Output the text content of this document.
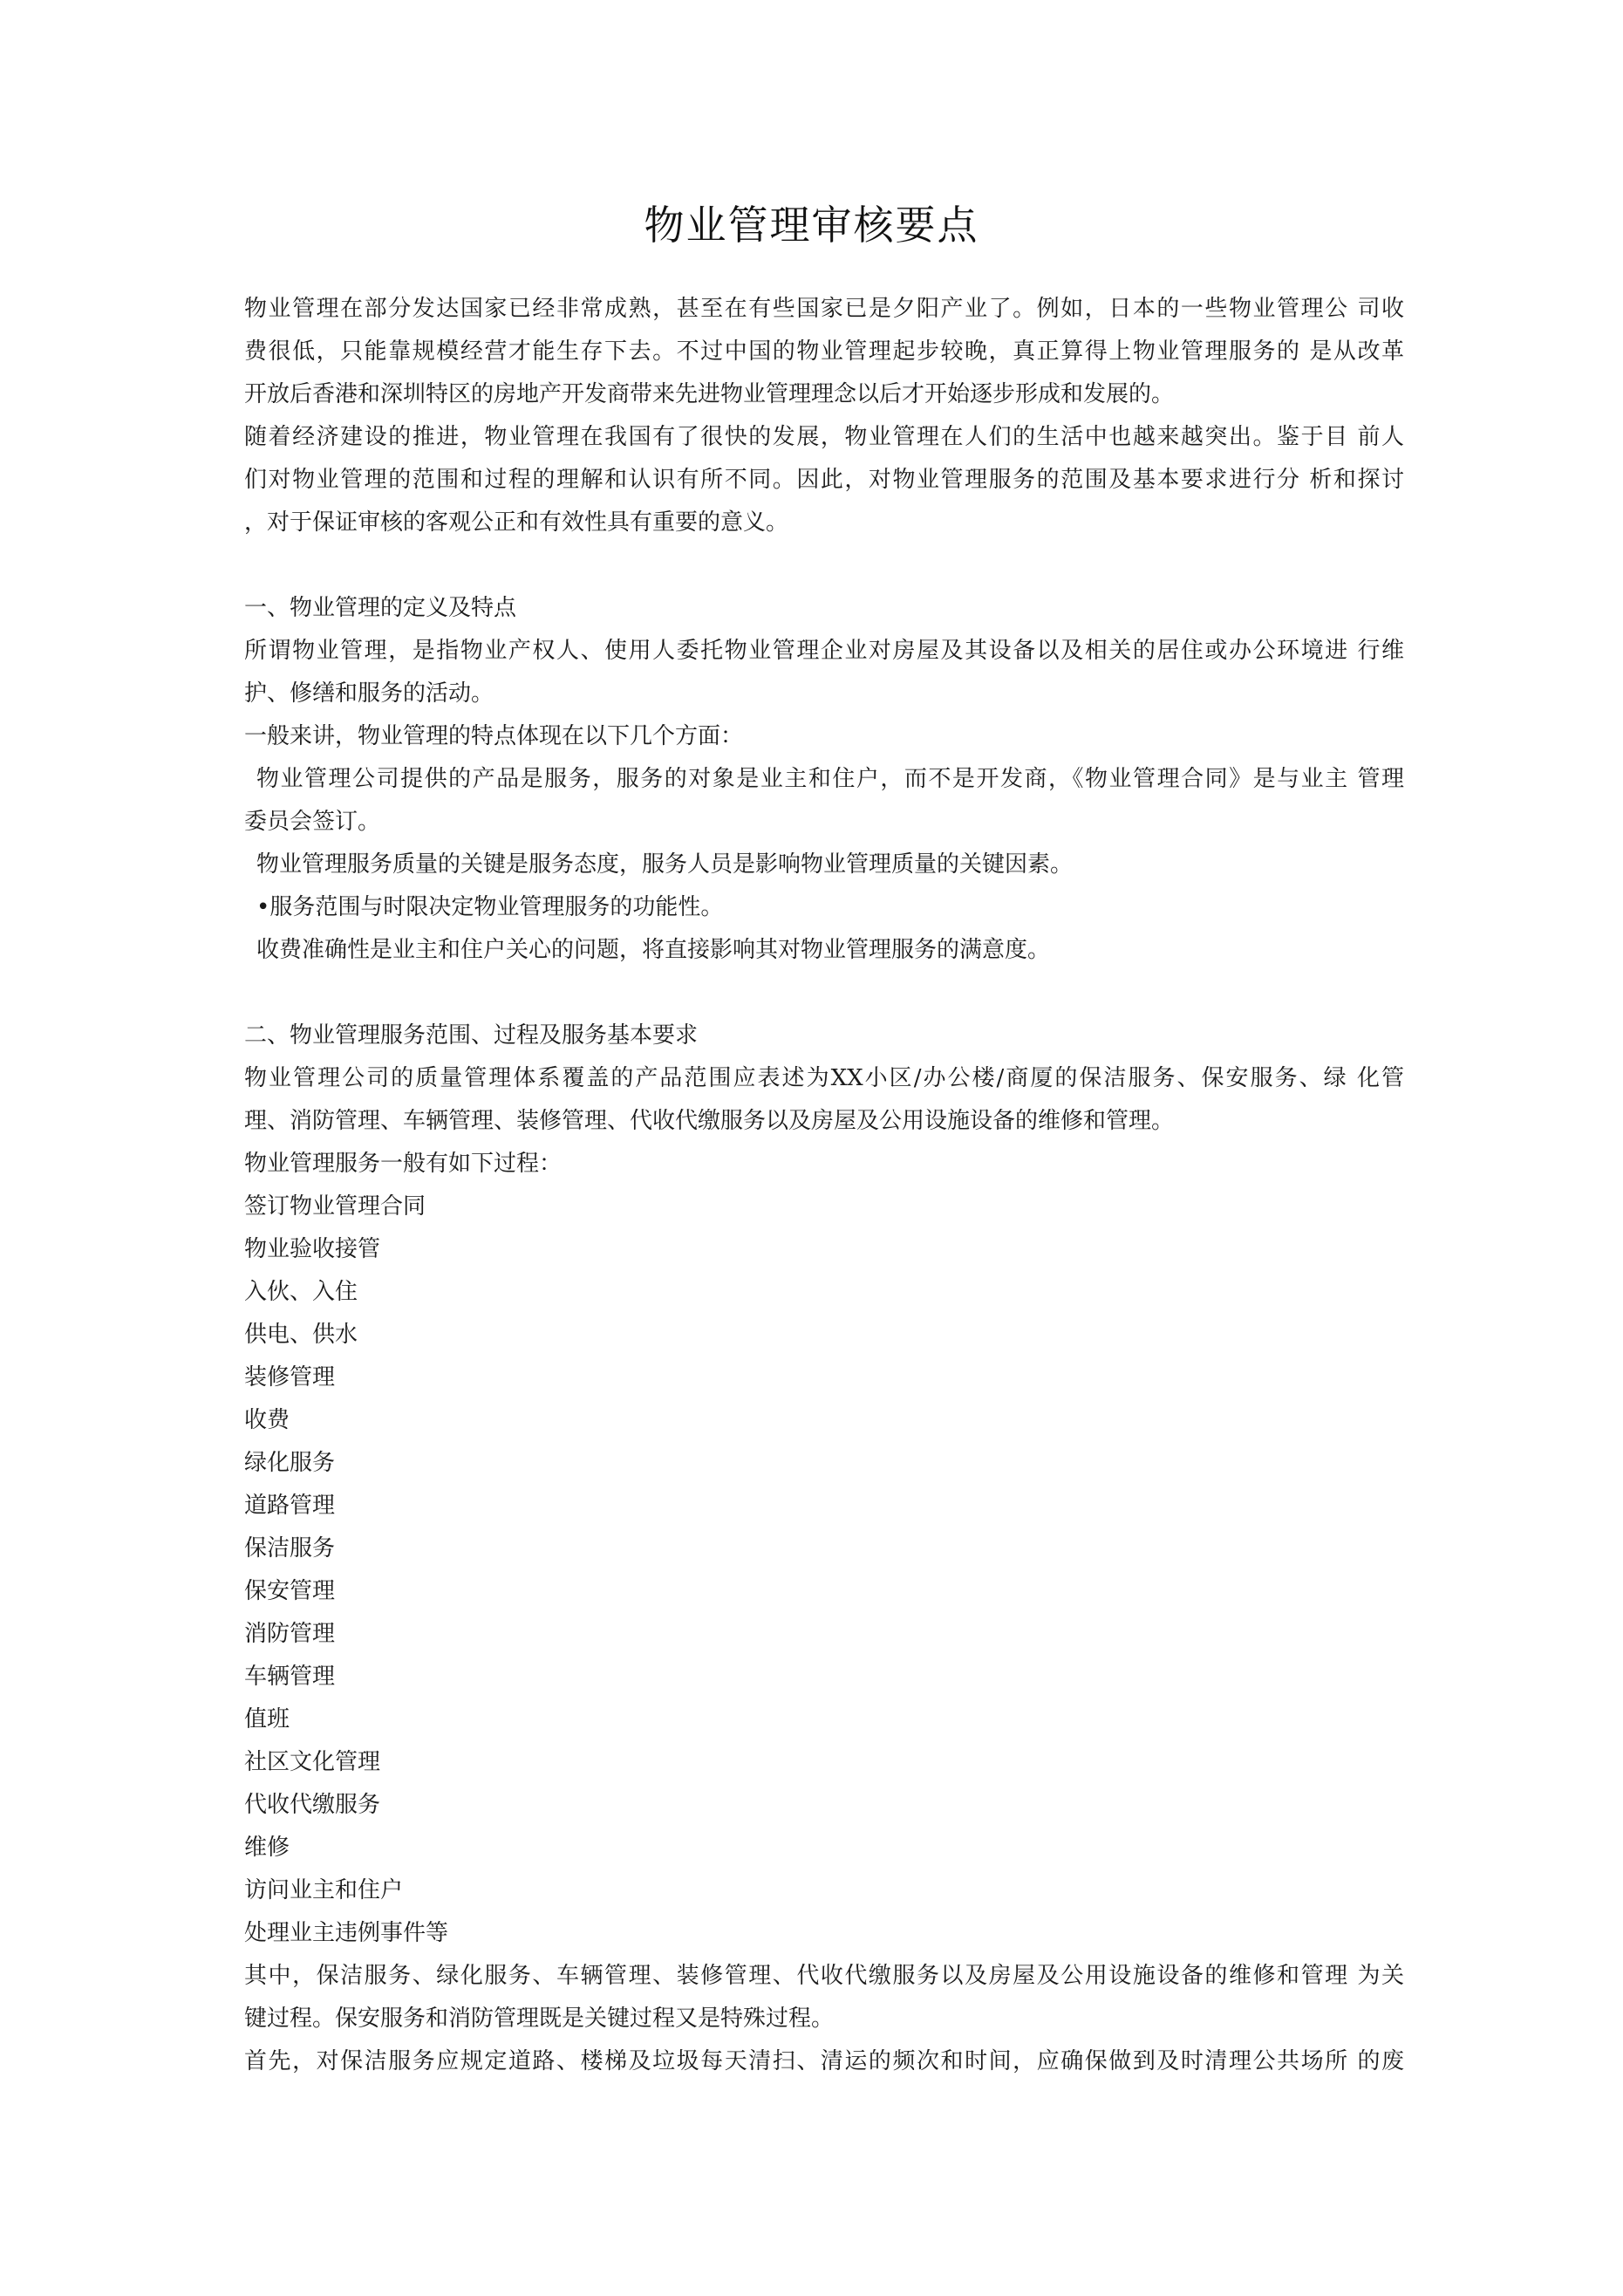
物业管理审核要点

物业管理在部分发达国家已经非常成熟，甚至在有些国家已是夕阳产业了。例如，日本的一些物业管理公 司收

费很低，只能靠规模经营才能生存下去。不过中国的物业管理起步较晚，真正算得上物业管理服务的 是从改革

开放后香港和深圳特区的房地产开发商带来先进物业管理理念以后才开始逐步形成和发展的。

随着经济建设的推进，物业管理在我国有了很快的发展，物业管理在人们的生活中也越来越突出。鉴于目 前人

们对物业管理的范围和过程的理解和认识有所不同。因此，对物业管理服务的范围及基本要求进行分 析和探讨

，对于保证审核的客观公正和有效性具有重要的意义。

一、物业管理的定义及特点

所谓物业管理，是指物业产权人、使用人委托物业管理企业对房屋及其设备以及相关的居住或办公环境进 行维

护、修缮和服务的活动。

一般来讲，物业管理的特点体现在以下几个方面：

物业管理公司提供的产品是服务，服务的对象是业主和住户，而不是开发商，《物业管理合同》是与业主 管理

委员会签订。

物业管理服务质量的关键是服务态度，服务人员是影响物业管理质量的关键因素。

•服务范围与时限决定物业管理服务的功能性。

收费准确性是业主和住户关心的问题，将直接影响其对物业管理服务的满意度。

二、物业管理服务范围、过程及服务基本要求

物业管理公司的质量管理体系覆盖的产品范围应表述为XX小区/办公楼/商厦的保洁服务、保安服务、绿 化管

理、消防管理、车辆管理、装修管理、代收代缴服务以及房屋及公用设施设备的维修和管理。

物业管理服务一般有如下过程：

签订物业管理合同

物业验收接管

入伙、入住

供电、供水

装修管理

收费

绿化服务

道路管理

保洁服务

保安管理

消防管理

车辆管理

值班

社区文化管理

代收代缴服务

维修

访问业主和住户

处理业主违例事件等

其中，保洁服务、绿化服务、车辆管理、装修管理、代收代缴服务以及房屋及公用设施设备的维修和管理 为关

键过程。保安服务和消防管理既是关键过程又是特殊过程。

首先，对保洁服务应规定道路、楼梯及垃圾每天清扫、清运的频次和时间，应确保做到及时清理公共场所 的废
